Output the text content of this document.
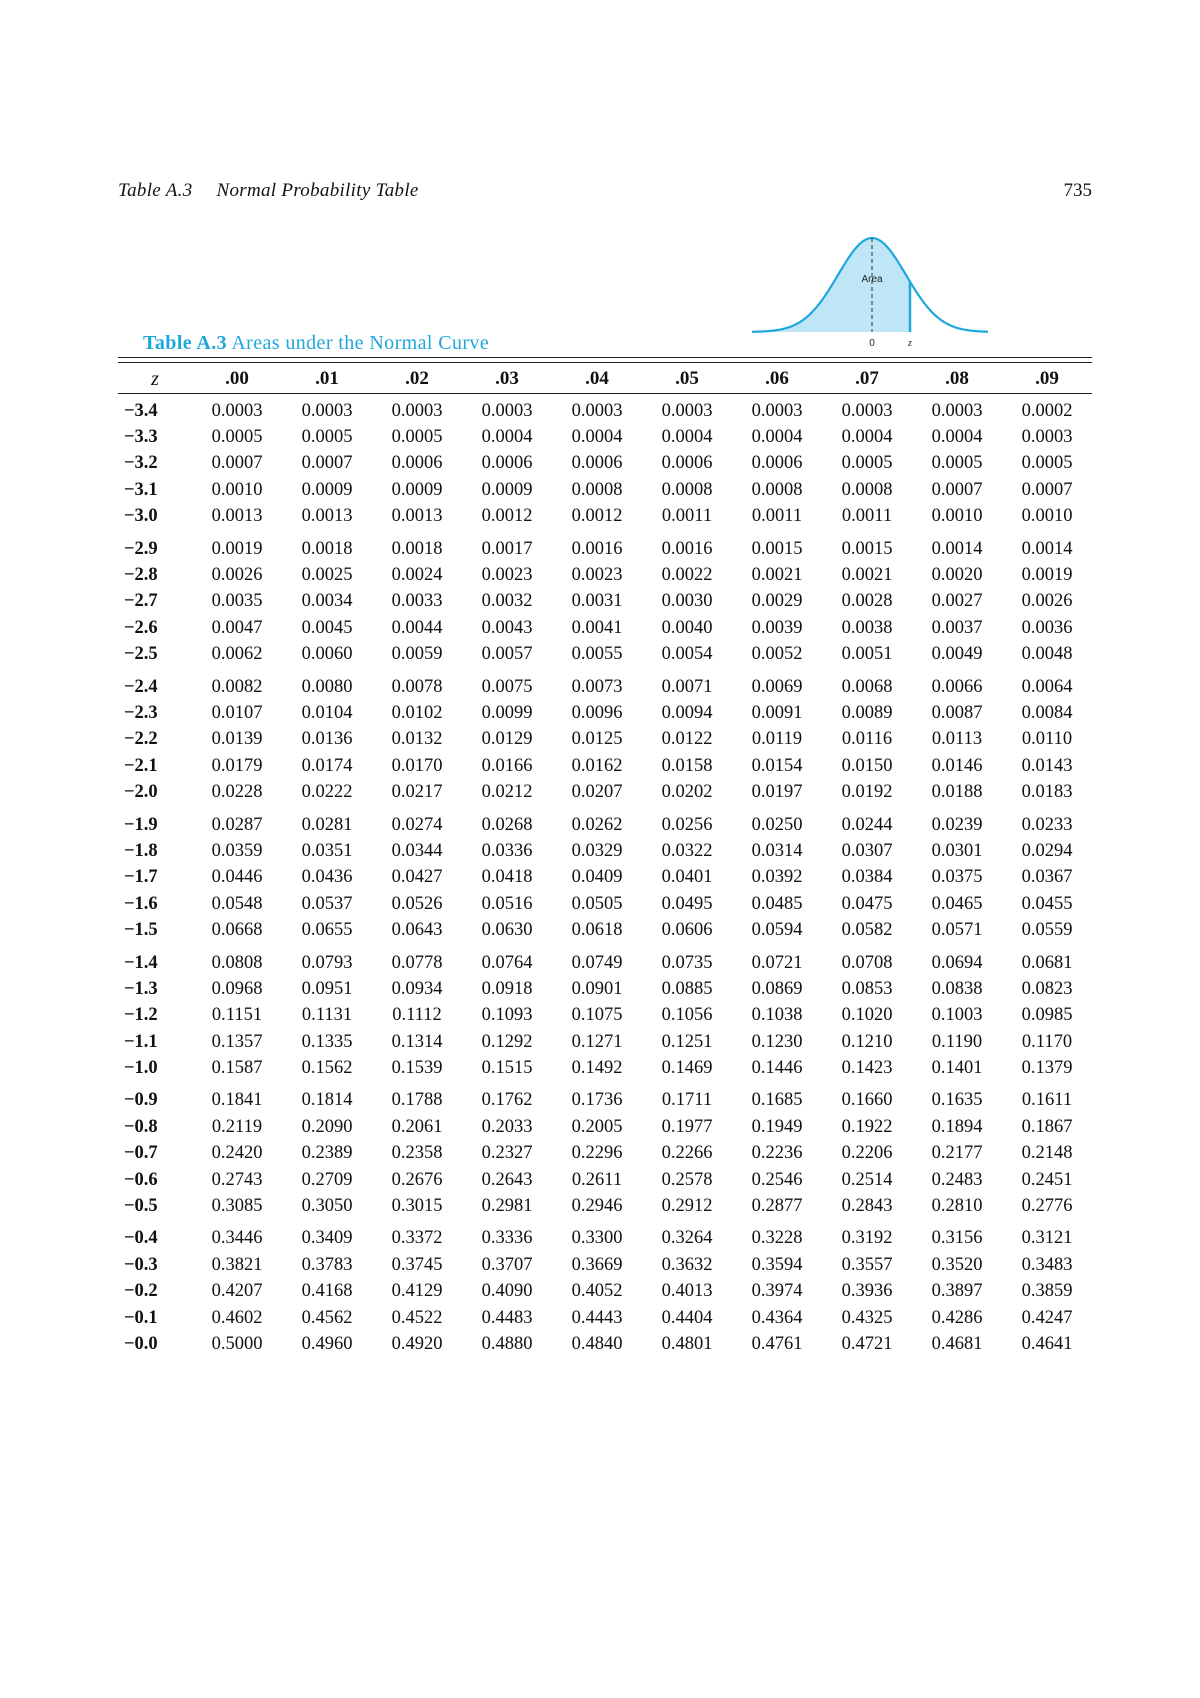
Table A.3 Normal Probability Table	735
Area
0	z
Table A.3 Areas under the Normal Curve
z	.00	.01	.02	.03	.04	.05	.06	.07	.08	.09
−3.4	0.0003	0.0003	0.0003	0.0003	0.0003	0.0003	0.0003	0.0003	0.0003	0.0002
−3.3	0.0005	0.0005	0.0005	0.0004	0.0004	0.0004	0.0004	0.0004	0.0004	0.0003
−3.2	0.0007	0.0007	0.0006	0.0006	0.0006	0.0006	0.0006	0.0005	0.0005	0.0005
−3.1	0.0010	0.0009	0.0009	0.0009	0.0008	0.0008	0.0008	0.0008	0.0007	0.0007
−3.0	0.0013	0.0013	0.0013	0.0012	0.0012	0.0011	0.0011	0.0011	0.0010	0.0010
−2.9	0.0019	0.0018	0.0018	0.0017	0.0016	0.0016	0.0015	0.0015	0.0014	0.0014
−2.8	0.0026	0.0025	0.0024	0.0023	0.0023	0.0022	0.0021	0.0021	0.0020	0.0019
−2.7	0.0035	0.0034	0.0033	0.0032	0.0031	0.0030	0.0029	0.0028	0.0027	0.0026
−2.6	0.0047	0.0045	0.0044	0.0043	0.0041	0.0040	0.0039	0.0038	0.0037	0.0036
−2.5	0.0062	0.0060	0.0059	0.0057	0.0055	0.0054	0.0052	0.0051	0.0049	0.0048
−2.4	0.0082	0.0080	0.0078	0.0075	0.0073	0.0071	0.0069	0.0068	0.0066	0.0064
−2.3	0.0107	0.0104	0.0102	0.0099	0.0096	0.0094	0.0091	0.0089	0.0087	0.0084
−2.2	0.0139	0.0136	0.0132	0.0129	0.0125	0.0122	0.0119	0.0116	0.0113	0.0110
−2.1	0.0179	0.0174	0.0170	0.0166	0.0162	0.0158	0.0154	0.0150	0.0146	0.0143
−2.0	0.0228	0.0222	0.0217	0.0212	0.0207	0.0202	0.0197	0.0192	0.0188	0.0183
−1.9	0.0287	0.0281	0.0274	0.0268	0.0262	0.0256	0.0250	0.0244	0.0239	0.0233
−1.8	0.0359	0.0351	0.0344	0.0336	0.0329	0.0322	0.0314	0.0307	0.0301	0.0294
−1.7	0.0446	0.0436	0.0427	0.0418	0.0409	0.0401	0.0392	0.0384	0.0375	0.0367
−1.6	0.0548	0.0537	0.0526	0.0516	0.0505	0.0495	0.0485	0.0475	0.0465	0.0455
−1.5	0.0668	0.0655	0.0643	0.0630	0.0618	0.0606	0.0594	0.0582	0.0571	0.0559
−1.4	0.0808	0.0793	0.0778	0.0764	0.0749	0.0735	0.0721	0.0708	0.0694	0.0681
−1.3	0.0968	0.0951	0.0934	0.0918	0.0901	0.0885	0.0869	0.0853	0.0838	0.0823
−1.2	0.1151	0.1131	0.1112	0.1093	0.1075	0.1056	0.1038	0.1020	0.1003	0.0985
−1.1	0.1357	0.1335	0.1314	0.1292	0.1271	0.1251	0.1230	0.1210	0.1190	0.1170
−1.0	0.1587	0.1562	0.1539	0.1515	0.1492	0.1469	0.1446	0.1423	0.1401	0.1379
−0.9	0.1841	0.1814	0.1788	0.1762	0.1736	0.1711	0.1685	0.1660	0.1635	0.1611
−0.8	0.2119	0.2090	0.2061	0.2033	0.2005	0.1977	0.1949	0.1922	0.1894	0.1867
−0.7	0.2420	0.2389	0.2358	0.2327	0.2296	0.2266	0.2236	0.2206	0.2177	0.2148
−0.6	0.2743	0.2709	0.2676	0.2643	0.2611	0.2578	0.2546	0.2514	0.2483	0.2451
−0.5	0.3085	0.3050	0.3015	0.2981	0.2946	0.2912	0.2877	0.2843	0.2810	0.2776
−0.4	0.3446	0.3409	0.3372	0.3336	0.3300	0.3264	0.3228	0.3192	0.3156	0.3121
−0.3	0.3821	0.3783	0.3745	0.3707	0.3669	0.3632	0.3594	0.3557	0.3520	0.3483
−0.2	0.4207	0.4168	0.4129	0.4090	0.4052	0.4013	0.3974	0.3936	0.3897	0.3859
−0.1	0.4602	0.4562	0.4522	0.4483	0.4443	0.4404	0.4364	0.4325	0.4286	0.4247
−0.0	0.5000	0.4960	0.4920	0.4880	0.4840	0.4801	0.4761	0.4721	0.4681	0.4641
